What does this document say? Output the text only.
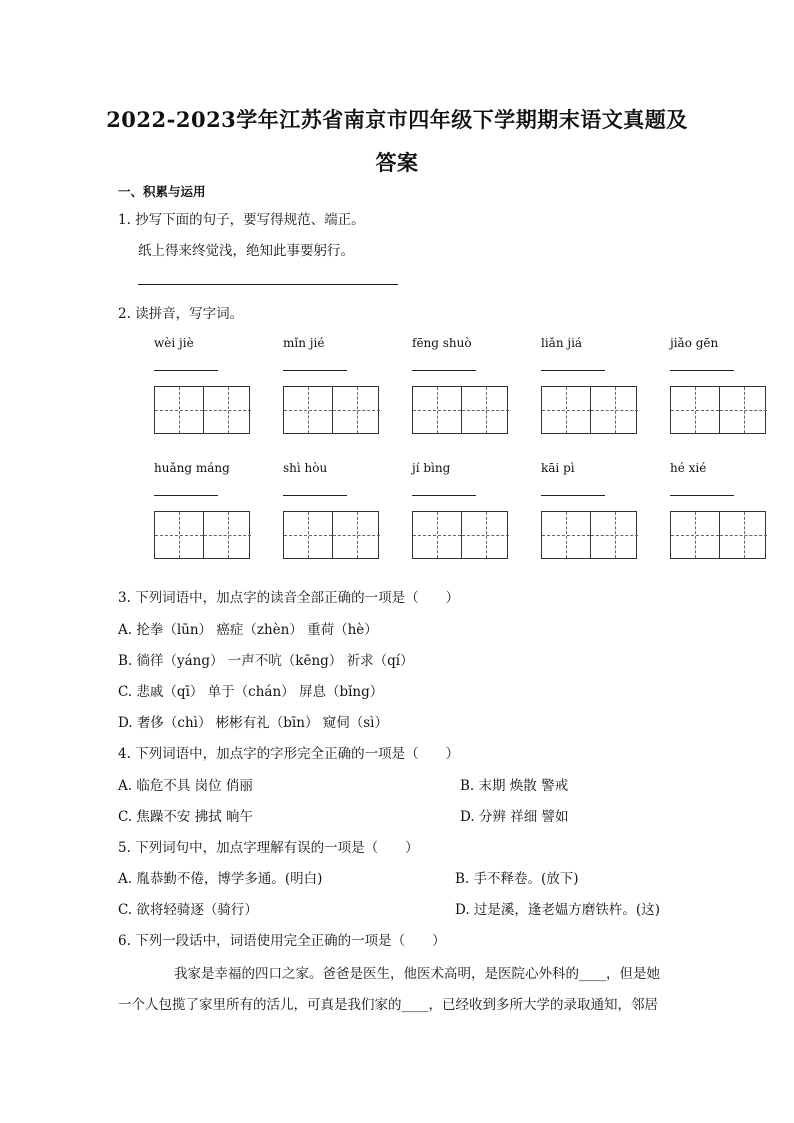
2022-2023学年江苏省南京市四年级下学期期末语文真题及
答案
一、积累与运用
1. 抄写下面的句子，要写得规范、端正。
纸上得来终觉浅，绝知此事要躬行。
2. 读拼音，写字词。
wèi jiè	mǐn jié	fēng shuò	liǎn jiá	jiǎo gēn
huǎng máng	shì hòu	jí bìng	kāi pì	hé xié
3. 下列词语中，加点字的读音全部正确的一项是（　　）
A. 抡拳（lūn） 癌症（zhèn） 重荷（hè）
B. 徜徉（yáng） 一声不吭（kēng） 祈求（qí）
C. 悲戚（qī） 单于（chán） 屏息（bǐng）
D. 奢侈（chì） 彬彬有礼（bīn） 窥伺（sì）
4. 下列词语中，加点字的字形完全正确的一项是（　　）
A. 临危不具 岗位 俏丽	B. 末期 焕散 警戒
C. 焦躁不安 拂拭 晌午	D. 分辨 祥细 譬如
5. 下列词句中，加点字理解有误的一项是（　　）
A. 胤恭勤不倦，博学多通。(明白)	B. 手不释卷。(放下)
C. 欲将轻骑逐（骑行）	D. 过是溪，逢老媪方磨铁杵。(这)
6. 下列一段话中，词语使用完全正确的一项是（　　）
我家是幸福的四口之家。爸爸是医生，他医术高明，是医院心外科的____，但是她
一个人包揽了家里所有的活儿，可真是我们家的____，已经收到多所大学的录取通知，邻居
